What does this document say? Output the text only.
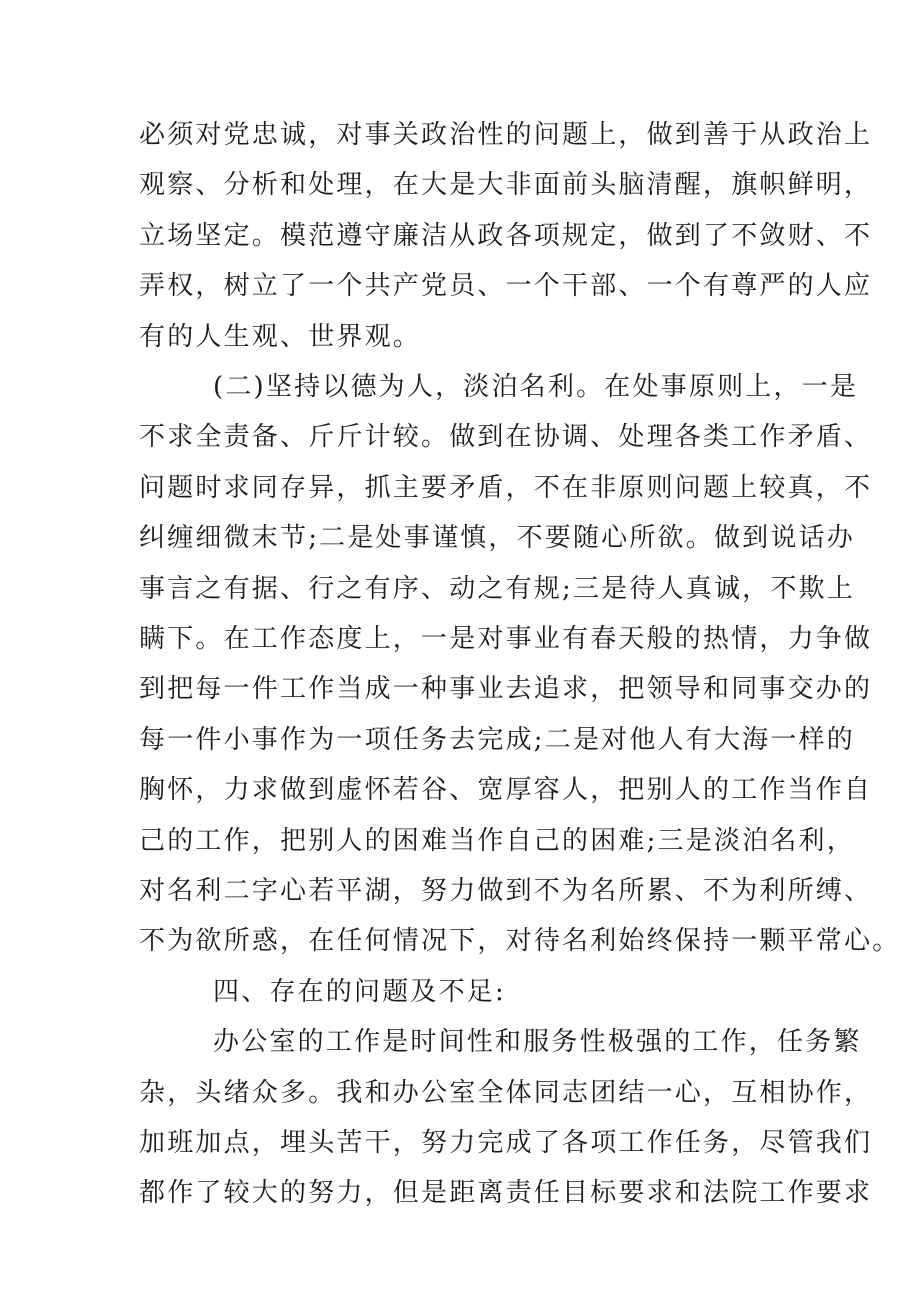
必须对党忠诚，对事关政治性的问题上，做到善于从政治上
观察、分析和处理，在大是大非面前头脑清醒，旗帜鲜明，
立场坚定。模范遵守廉洁从政各项规定，做到了不敛财、不
弄权，树立了一个共产党员、一个干部、一个有尊严的人应
有的人生观、世界观。
(二)坚持以德为人，淡泊名利。在处事原则上，一是
不求全责备、斤斤计较。做到在协调、处理各类工作矛盾、
问题时求同存异，抓主要矛盾，不在非原则问题上较真，不
纠缠细微末节;二是处事谨慎，不要随心所欲。做到说话办
事言之有据、行之有序、动之有规;三是待人真诚，不欺上
瞒下。在工作态度上，一是对事业有春天般的热情，力争做
到把每一件工作当成一种事业去追求，把领导和同事交办的
每一件小事作为一项任务去完成;二是对他人有大海一样的
胸怀，力求做到虚怀若谷、宽厚容人，把别人的工作当作自
己的工作，把别人的困难当作自己的困难;三是淡泊名利，
对名利二字心若平湖，努力做到不为名所累、不为利所缚、
不为欲所惑，在任何情况下，对待名利始终保持一颗平常心。
四、存在的问题及不足:
办公室的工作是时间性和服务性极强的工作，任务繁
杂，头绪众多。我和办公室全体同志团结一心，互相协作，
加班加点，埋头苦干，努力完成了各项工作任务，尽管我们
都作了较大的努力，但是距离责任目标要求和法院工作要求
